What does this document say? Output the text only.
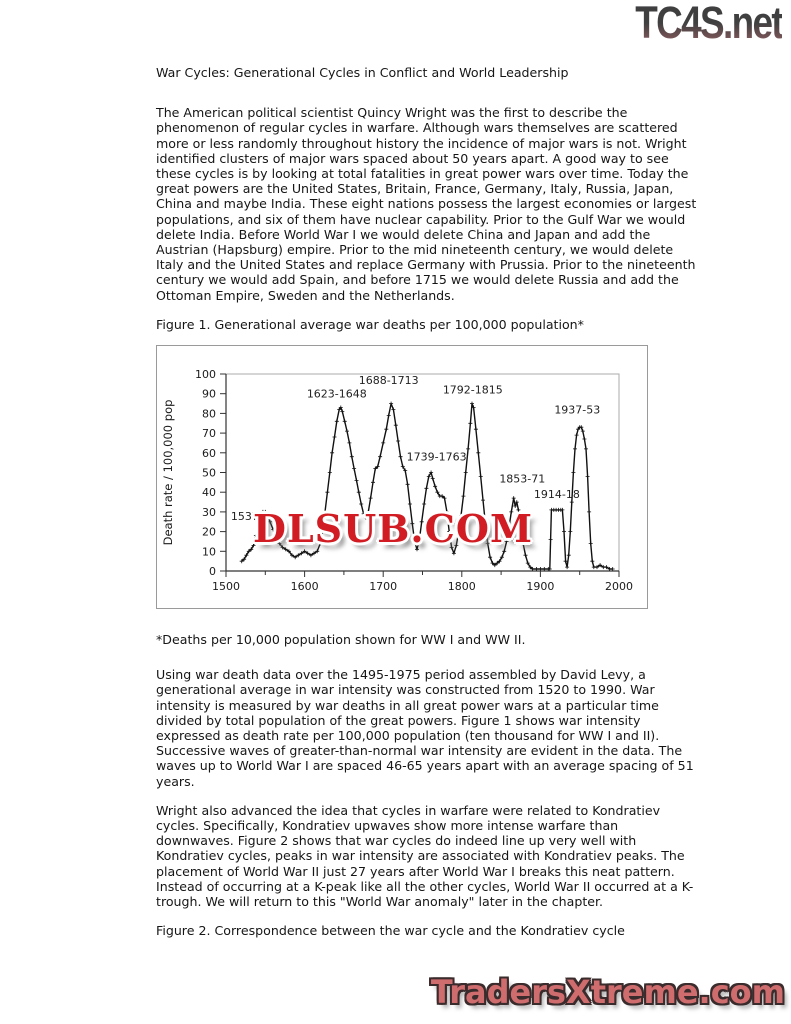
TC4S.net
War Cycles: Generational Cycles in Conflict and World Leadership

The American political scientist Quincy Wright was the first to describe the phenomenon of regular cycles in warfare. Although wars themselves are scattered more or less randomly throughout history the incidence of major wars is not. Wright identified clusters of major wars spaced about 50 years apart. A good way to see these cycles is by looking at total fatalities in great power wars over time. Today the great powers are the United States, Britain, France, Germany, Italy, Russia, Japan, China and maybe India. These eight nations possess the largest economies or largest populations, and six of them have nuclear capability. Prior to the Gulf War we would delete India. Before World War I we would delete China and Japan and add the Austrian (Hapsburg) empire. Prior to the mid nineteenth century, we would delete Italy and the United States and replace Germany with Prussia. Prior to the nineteenth century we would add Spain, and before 1715 we would delete Russia and add the Ottoman Empire, Sweden and the Netherlands.

Figure 1. Generational average war deaths per 100,000 population*
0
10
20
30
40
50
60
70
80
90
100
1500	1600	1700	1800	1900	2000
1537
1623-1648
1688-1713
1739-1763
1792-1815
1853-71
1914-18
1937-53
Death rate / 100,000 pop DLSUB.COM
*Deaths per 10,000 population shown for WW I and WW II.

Using war death data over the 1495-1975 period assembled by David Levy, a generational average in war intensity was constructed from 1520 to 1990. War intensity is measured by war deaths in all great power wars at a particular time divided by total population of the great powers. Figure 1 shows war intensity expressed as death rate per 100,000 population (ten thousand for WW I and II). Successive waves of greater-than-normal war intensity are evident in the data. The waves up to World War I are spaced 46-65 years apart with an average spacing of 51 years.

Wright also advanced the idea that cycles in warfare were related to Kondratiev cycles. Specifically, Kondratiev upwaves show more intense warfare than downwaves. Figure 2 shows that war cycles do indeed line up very well with Kondratiev cycles, peaks in war intensity are associated with Kondratiev peaks. The placement of World War II just 27 years after World War I breaks this neat pattern. Instead of occurring at a K-peak like all the other cycles, World War II occurred at a K-trough. We will return to this "World War anomaly" later in the chapter.

Figure 2. Correspondence between the war cycle and the Kondratiev cycle
TradersXtreme.com
